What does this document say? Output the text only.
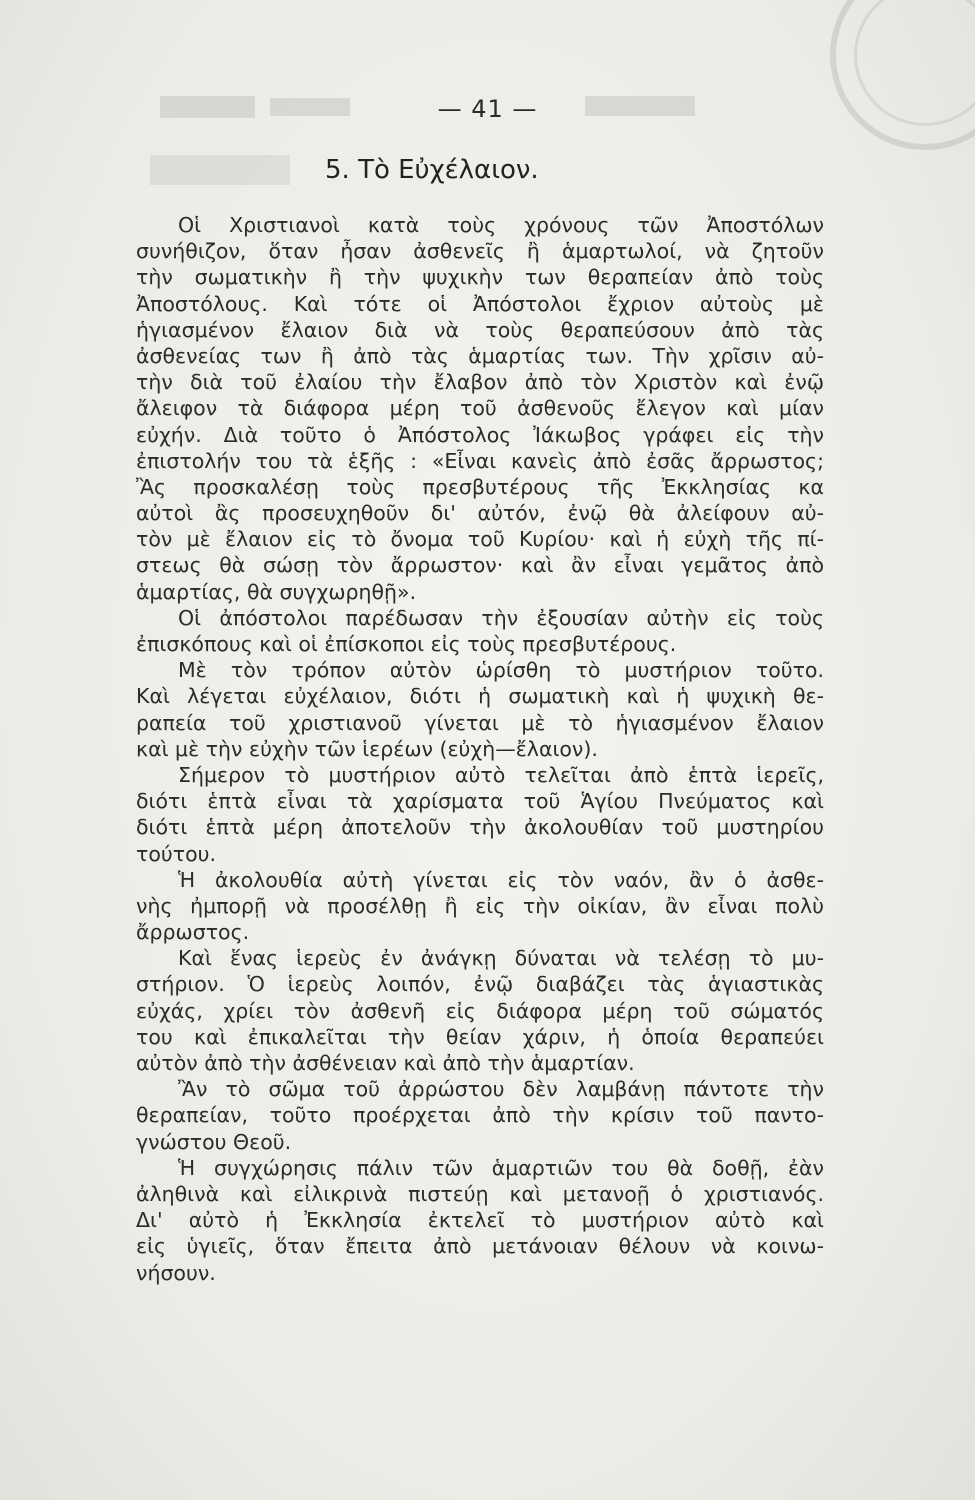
— 41 —
5. Τὸ Εὐχέλαιον.
Οἱ Χριστιανοὶ κατὰ τοὺς χρόνους τῶν Ἀποστόλων
συνήθιζον, ὅταν ἦσαν ἀσθενεῖς ἢ ἁμαρτωλοί, νὰ ζητοῦν
τὴν σωματικὴν ἢ τὴν ψυχικὴν των θεραπείαν ἀπὸ τοὺς
Ἀποστόλους. Καὶ τότε οἱ Ἀπόστολοι ἔχριον αὐτοὺς μὲ
ἡγιασμένον ἔλαιον διὰ νὰ τοὺς θεραπεύσουν ἀπὸ τὰς
ἀσθενείας των ἢ ἀπὸ τὰς ἁμαρτίας των. Τὴν χρῖσιν αὐ-
τὴν διὰ τοῦ ἐλαίου τὴν ἔλαβον ἀπὸ τὸν Χριστὸν καὶ ἐνῷ
ἄλειφον τὰ διάφορα μέρη τοῦ ἀσθενοῦς ἔλεγον καὶ μίαν
εὐχήν. Διὰ τοῦτο ὁ Ἀπόστολος Ἰάκωβος γράφει εἰς τὴν
ἐπιστολήν του τὰ ἑξῆς : «Εἶναι κανεὶς ἀπὸ ἐσᾶς ἄρρωστος;
Ἂς προσκαλέσῃ τοὺς πρεσβυτέρους τῆς Ἐκκλησίας κα
αὐτοὶ ἂς προσευχηθοῦν δι' αὐτόν, ἐνῷ θὰ ἀλείφουν αὐ-
τὸν μὲ ἔλαιον εἰς τὸ ὄνομα τοῦ Κυρίου· καὶ ἡ εὐχὴ τῆς πί-
στεως θὰ σώσῃ τὸν ἄρρωστον· καὶ ἂν εἶναι γεμᾶτος ἀπὸ
ἁμαρτίας, θὰ συγχωρηθῇ».
Οἱ ἀπόστολοι παρέδωσαν τὴν ἐξουσίαν αὐτὴν εἰς τοὺς
ἐπισκόπους καὶ οἱ ἐπίσκοποι εἰς τοὺς πρεσβυτέρους.
Μὲ τὸν τρόπον αὐτὸν ὡρίσθη τὸ μυστήριον τοῦτο.
Καὶ λέγεται εὐχέλαιον, διότι ἡ σωματικὴ καὶ ἡ ψυχικὴ θε-
ραπεία τοῦ χριστιανοῦ γίνεται μὲ τὸ ἡγιασμένον ἔλαιον
καὶ μὲ τὴν εὐχὴν τῶν ἱερέων (εὐχὴ—ἔλαιον).
Σήμερον τὸ μυστήριον αὐτὸ τελεῖται ἀπὸ ἑπτὰ ἱερεῖς,
διότι ἑπτὰ εἶναι τὰ χαρίσματα τοῦ Ἁγίου Πνεύματος καὶ
διότι ἑπτὰ μέρη ἀποτελοῦν τὴν ἀκολουθίαν τοῦ μυστηρίου
τούτου.
Ἡ ἀκολουθία αὐτὴ γίνεται εἰς τὸν ναόν, ἂν ὁ ἀσθε-
νὴς ἠμπορῇ νὰ προσέλθῃ ἢ εἰς τὴν οἰκίαν, ἂν εἶναι πολὺ
ἄρρωστος.
Καὶ ἕνας ἱερεὺς ἐν ἀνάγκῃ δύναται νὰ τελέσῃ τὸ μυ-
στήριον. Ὁ ἱερεὺς λοιπόν, ἐνῷ διαβάζει τὰς ἁγιαστικὰς
εὐχάς, χρίει τὸν ἀσθενῆ εἰς διάφορα μέρη τοῦ σώματός
του καὶ ἐπικαλεῖται τὴν θείαν χάριν, ἡ ὁποία θεραπεύει
αὐτὸν ἀπὸ τὴν ἀσθένειαν καὶ ἀπὸ τὴν ἁμαρτίαν.
Ἂν τὸ σῶμα τοῦ ἀρρώστου δὲν λαμβάνῃ πάντοτε τὴν
θεραπείαν, τοῦτο προέρχεται ἀπὸ τὴν κρίσιν τοῦ παντο-
γνώστου Θεοῦ.
Ἡ συγχώρησις πάλιν τῶν ἁμαρτιῶν του θὰ δοθῇ, ἐὰν
ἀληθινὰ καὶ εἰλικρινὰ πιστεύῃ καὶ μετανοῇ ὁ χριστιανός.
Δι' αὐτὸ ἡ Ἐκκλησία ἐκτελεῖ τὸ μυστήριον αὐτὸ καὶ
εἰς ὑγιεῖς, ὅταν ἔπειτα ἀπὸ μετάνοιαν θέλουν νὰ κοινω-
νήσουν.
